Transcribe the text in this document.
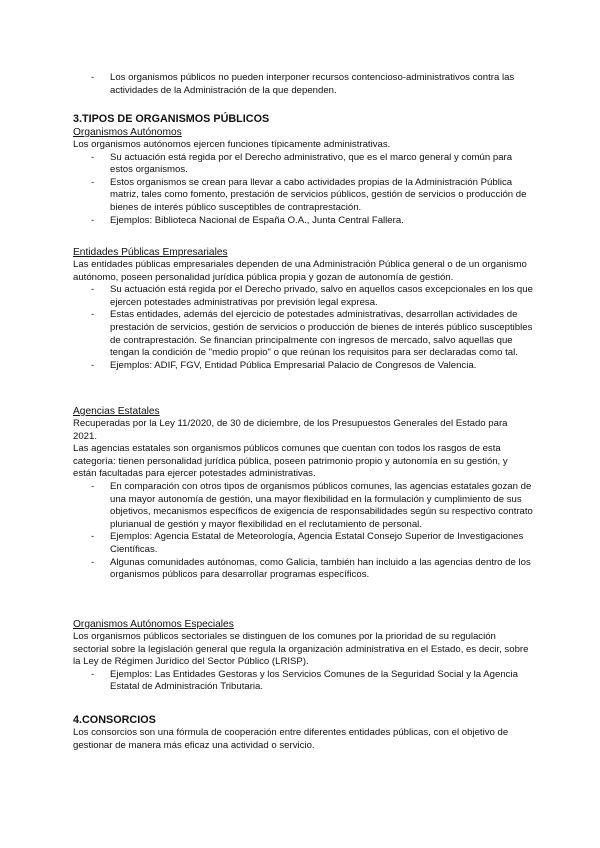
- Los organismos públicos no pueden interponer recursos contencioso-administrativos contra las actividades de la Administración de la que dependen.

3.TIPOS DE ORGANISMOS PÚBLICOS

Organismos Autónomos

Los organismos autónomos ejercen funciones típicamente administrativas.

- Su actuación está regida por el Derecho administrativo, que es el marco general y común para estos organismos.
- Estos organismos se crean para llevar a cabo actividades propias de la Administración Pública matriz, tales como fomento, prestación de servicios públicos, gestión de servicios o producción de bienes de interés público susceptibles de contraprestación.
- Ejemplos: Biblioteca Nacional de España O.A., Junta Central Fallera.

Entidades Públicas Empresariales

Las entidades públicas empresariales dependen de una Administración Pública general o de un organismo autónomo, poseen personalidad jurídica pública propia y gozan de autonomía de gestión.

- Su actuación está regida por el Derecho privado, salvo en aquellos casos excepcionales en los que ejercen potestades administrativas por previsión legal expresa.
- Estas entidades, además del ejercicio de potestades administrativas, desarrollan actividades de prestación de servicios, gestión de servicios o producción de bienes de interés público susceptibles de contraprestación. Se financian principalmente con ingresos de mercado, salvo aquellas que tengan la condición de "medio propio" o que reúnan los requisitos para ser declaradas como tal.
- Ejemplos: ADIF, FGV, Entidad Pública Empresarial Palacio de Congresos de Valencia.

Agencias Estatales

Recuperadas por la Ley 11/2020, de 30 de diciembre, de los Presupuestos Generales del Estado para 2021.

Las agencias estatales son organismos públicos comunes que cuentan con todos los rasgos de esta categoría: tienen personalidad jurídica pública, poseen patrimonio propio y autonomía en su gestión, y están facultadas para ejercer potestades administrativas.

- En comparación con otros tipos de organismos públicos comunes, las agencias estatales gozan de una mayor autonomía de gestión, una mayor flexibilidad en la formulación y cumplimiento de sus objetivos, mecanismos específicos de exigencia de responsabilidades según su respectivo contrato plurianual de gestión y mayor flexibilidad en el reclutamiento de personal.
- Ejemplos: Agencia Estatal de Meteorología, Agencia Estatal Consejo Superior de Investigaciones Científicas.
- Algunas comunidades autónomas, como Galicia, también han incluido a las agencias dentro de los organismos públicos para desarrollar programas específicos.

Organismos Autónomos Especiales

Los organismos públicos sectoriales se distinguen de los comunes por la prioridad de su regulación sectorial sobre la legislación general que regula la organización administrativa en el Estado, es decir, sobre la Ley de Régimen Jurídico del Sector Público (LRISP).

- Ejemplos: Las Entidades Gestoras y los Servicios Comunes de la Seguridad Social y la Agencia Estatal de Administración Tributaria.

4.CONSORCIOS

Los consorcios son una fórmula de cooperación entre diferentes entidades públicas, con el objetivo de gestionar de manera más eficaz una actividad o servicio.
